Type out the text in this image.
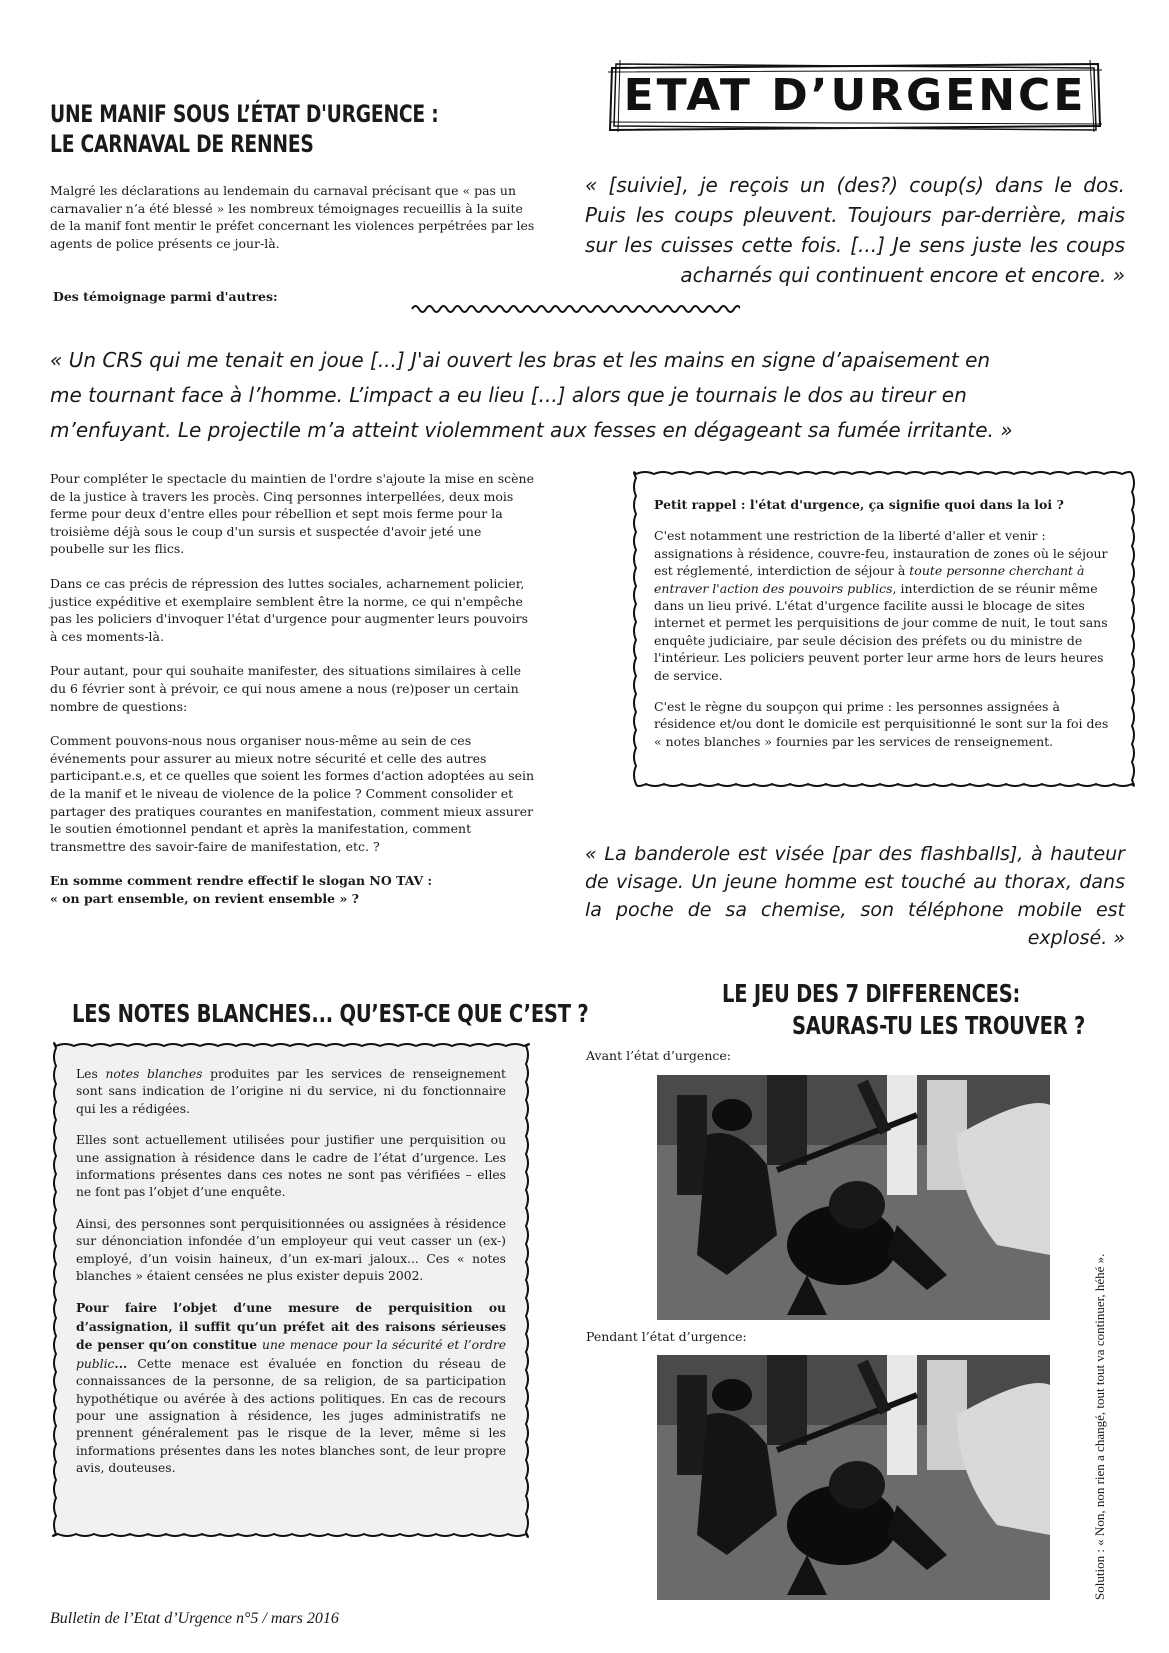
ETAT D’URGENCE
UNE MANIF SOUS L’ÉTAT D'URGENCE :
LE CARNAVAL DE RENNES
Malgré les déclarations au lendemain du carnaval précisant que « pas un carnavalier n’a été blessé » les nombreux témoignages recueillis à la suite de la manif font mentir le préfet concernant les violences perpétrées par les agents de police présents ce jour-là.
Des témoignage parmi d'autres:
« [suivie], je reçois un (des?) coup(s) dans le dos. Puis les coups pleuvent. Toujours par-derrière, mais sur les cuisses cette fois. [...] Je sens juste les coups acharnés qui continuent encore et encore. »
« Un CRS qui me tenait en joue [...] J'ai ouvert les bras et les mains en signe d’apaisement en
me tournant face à l’homme. L’impact a eu lieu [...] alors que je tournais le dos au tireur en
m’enfuyant. Le projectile m’a atteint violemment aux fesses en dégageant sa fumée irritante. »

Pour compléter le spectacle du maintien de l'ordre s'ajoute la mise en scène de la justice à travers les procès. Cinq personnes interpellées, deux mois ferme pour deux d'entre elles pour rébellion et sept mois ferme pour la troisième déjà sous le coup d'un sursis et suspectée d'avoir jeté une poubelle sur les flics.

Dans ce cas précis de répression des luttes sociales, acharnement policier, justice expéditive et exemplaire semblent être la norme, ce qui n'empêche pas les policiers d'invoquer l'état d'urgence pour augmenter leurs pouvoirs à ces moments-là.

Pour autant, pour qui souhaite manifester, des situations similaires à celle du 6 février sont à prévoir, ce qui nous amene a nous (re)poser un certain nombre de questions:

Comment pouvons-nous nous organiser nous-même au sein de ces événements pour assurer au mieux notre sécurité et celle des autres participant.e.s, et ce quelles que soient les formes d'action adoptées au sein de la manif et le niveau de violence de la police ? Comment consolider et partager des pratiques courantes en manifestation, comment mieux assurer le soutien émotionnel pendant et après la manifestation, comment transmettre des savoir-faire de manifestation, etc. ?

En somme comment rendre effectif le slogan NO TAV :
« on part ensemble, on revient ensemble » ?

Petit rappel : l'état d'urgence, ça signifie quoi dans la loi ?

C'est notamment une restriction de la liberté d'aller et venir : assignations à résidence, couvre-feu, instauration de zones où le séjour est réglementé, interdiction de séjour à toute personne cherchant à entraver l'action des pouvoirs publics, interdiction de se réunir même dans un lieu privé. L'état d'urgence facilite aussi le blocage de sites internet et permet les perquisitions de jour comme de nuit, le tout sans enquête judiciaire, par seule décision des préfets ou du ministre de l'intérieur. Les policiers peuvent porter leur arme hors de leurs heures de service.

C'est le règne du soupçon qui prime : les personnes assignées à résidence et/ou dont le domicile est perquisitionné le sont sur la foi des « notes blanches » fournies par les services de renseignement.

« La banderole est visée [par des flashballs], à hauteur de visage. Un jeune homme est touché au thorax, dans la poche de sa chemise, son téléphone mobile est explosé. »
LES NOTES BLANCHES... QU’EST-CE QUE C’EST ?

Les notes blanches produites par les services de renseignement sont sans indication de l’origine ni du service, ni du fonctionnaire qui les a rédigées.

Elles sont actuellement utilisées pour justifier une perquisition ou une assignation à résidence dans le cadre de l’état d’urgence. Les informations présentes dans ces notes ne sont pas vérifiées – elles ne font pas l’objet d’une enquête.

Ainsi, des personnes sont perquisitionnées ou assignées à résidence sur dénonciation infondée d’un employeur qui veut casser un (ex-) employé, d’un voisin haineux, d’un ex-mari jaloux... Ces « notes blanches » étaient censées ne plus exister depuis 2002.

Pour faire l’objet d’une mesure de perquisition ou d’assignation, il suffit qu’un préfet ait des raisons sérieuses de penser qu’on constitue une menace pour la sécurité et l’ordre public... Cette menace est évaluée en fonction du réseau de connaissances de la personne, de sa religion, de sa participation hypothétique ou avérée à des actions politiques. En cas de recours pour une assignation à résidence, les juges administratifs ne prennent généralement pas le risque de la lever, même si les informations présentes dans les notes blanches sont, de leur propre avis, douteuses.

LE JEU DES 7 DIFFERENCES:
SAURAS-TU LES TROUVER ?
Avant l’état d’urgence:
Pendant l’état d’urgence:	Solution : « Non, non rien a changé, tout tout va continuer, héhé ».
Bulletin de l’Etat d’Urgence n°5 / mars 2016
